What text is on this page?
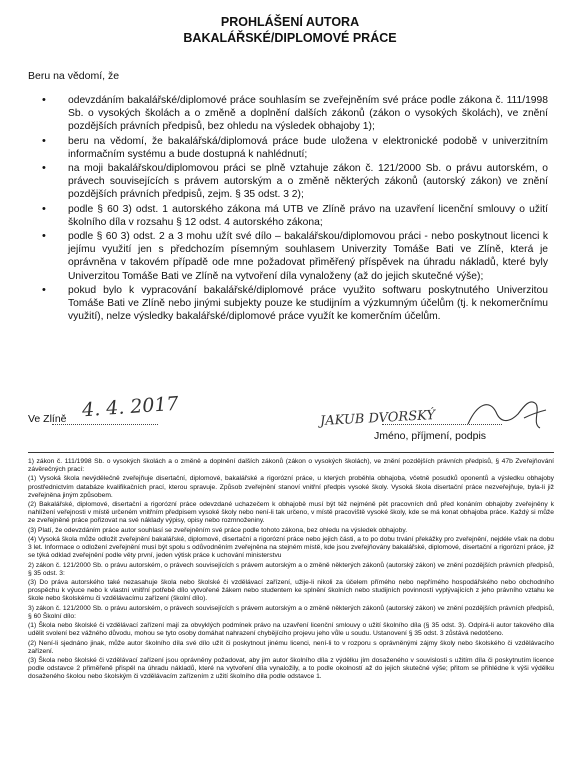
PROHLÁŠENÍ AUTORA
BAKALÁŘSKÉ/DIPLOMOVÉ PRÁCE
Beru na vědomí, že
• odevzdáním bakalářské/diplomové práce souhlasím se zveřejněním své práce podle zákona č. 111/1998 Sb. o vysokých školách a o změně a doplnění dalších zákonů (zákon o vysokých školách), ve znění pozdějších právních předpisů, bez ohledu na výsledek obhajoby 1);
• beru na vědomí, že bakalářská/diplomová práce bude uložena v elektronické podobě v univerzitním informačním systému a bude dostupná k nahlédnutí;
• na moji bakalářskou/diplomovou práci se plně vztahuje zákon č. 121/2000 Sb. o právu autorském, o právech souvisejících s právem autorským a o změně některých zákonů (autorský zákon) ve znění pozdějších právních předpisů, zejm. § 35 odst. 3 2);
• podle § 60 3) odst. 1 autorského zákona má UTB ve Zlíně právo na uzavření licenční smlouvy o užití školního díla v rozsahu § 12 odst. 4 autorského zákona;
• podle § 60 3) odst. 2 a 3 mohu užít své dílo – bakalářskou/diplomovou práci - nebo poskytnout licenci k jejímu využití jen s předchozím písemným souhlasem Univerzity Tomáše Bati ve Zlíně, která je oprávněna v takovém případě ode mne požadovat přiměřený příspěvek na úhradu nákladů, které byly Univerzitou Tomáše Bati ve Zlíně na vytvoření díla vynaloženy (až do jejich skutečné výše);
• pokud bylo k vypracování bakalářské/diplomové práce využito softwaru poskytnutého Univerzitou Tomáše Bati ve Zlíně nebo jinými subjekty pouze ke studijním a výzkumným účelům (tj. k nekomerčnímu využití), nelze výsledky bakalářské/diplomové práce využít ke komerčním účelům.
Ve Zlíně 4. 4. 2017	JAKUB DVORSKÝ
Jméno, příjmení, podpis

1) zákon č. 111/1998 Sb. o vysokých školách a o změně a doplnění dalších zákonů (zákon o vysokých školách), ve znění pozdějších právních předpisů, § 47b Zveřejňování závěrečných prací:

(1) Vysoká škola nevýdělečně zveřejňuje disertační, diplomové, bakalářské a rigorózní práce, u kterých proběhla obhajoba, včetně posudků oponentů a výsledku obhajoby prostřednictvím databáze kvalifikačních prací, kterou spravuje. Způsob zveřejnění stanoví vnitřní předpis vysoké školy. Vysoká škola disertační práce nezveřejňuje, byla-li již zveřejněna jiným způsobem.

(2) Bakalářské, diplomové, disertační a rigorózní práce odevzdané uchazečem k obhajobě musí být též nejméně pět pracovních dnů před konáním obhajoby zveřejněny k nahlížení veřejnosti v místě určeném vnitřním předpisem vysoké školy nebo není-li tak určeno, v místě pracoviště vysoké školy, kde se má konat obhajoba práce. Každý si může ze zveřejněné práce pořizovat na své náklady výpisy, opisy nebo rozmnoženiny.

(3) Platí, že odevzdáním práce autor souhlasí se zveřejněním své práce podle tohoto zákona, bez ohledu na výsledek obhajoby.

(4) Vysoká škola může odložit zveřejnění bakalářské, diplomové, disertační a rigorózní práce nebo jejich části, a to po dobu trvání překážky pro zveřejnění, nejdéle však na dobu 3 let. Informace o odložení zveřejnění musí být spolu s odůvodněním zveřejněna na stejném místě, kde jsou zveřejňovány bakalářské, diplomové, disertační a rigorózní práce, již se týká odklad zveřejnění podle věty první, jeden výtisk práce k uchování ministerstvu

2) zákon č. 121/2000 Sb. o právu autorském, o právech souvisejících s právem autorským a o změně některých zákonů (autorský zákon) ve znění pozdějších právních předpisů, § 35 odst. 3:

(3) Do práva autorského také nezasahuje škola nebo školské či vzdělávací zařízení, užije-li nikoli za účelem přímého nebo nepřímého hospodářského nebo obchodního prospěchu k výuce nebo k vlastní vnitřní potřebě dílo vytvořené žákem nebo studentem ke splnění školních nebo studijních povinností vyplývajících z jeho právního vztahu ke škole nebo školskému či vzdělávacímu zařízení (školní dílo).

3) zákon č. 121/2000 Sb. o právu autorském, o právech souvisejících s právem autorským a o změně některých zákonů (autorský zákon) ve znění pozdějších právních předpisů, § 60 Školní dílo:

(1) Škola nebo školské či vzdělávací zařízení mají za obvyklých podmínek právo na uzavření licenční smlouvy o užití školního díla (§ 35 odst. 3). Odpírá-li autor takového díla udělit svolení bez vážného důvodu, mohou se tyto osoby domáhat nahrazení chybějícího projevu jeho vůle u soudu. Ustanovení § 35 odst. 3 zůstává nedotčeno.

(2) Není-li sjednáno jinak, může autor školního díla své dílo užít či poskytnout jinému licenci, není-li to v rozporu s oprávněnými zájmy školy nebo školského či vzdělávacího zařízení.

(3) Škola nebo školské či vzdělávací zařízení jsou oprávněny požadovat, aby jim autor školního díla z výdělku jím dosaženého v souvislosti s užitím díla či poskytnutím licence podle odstavce 2 přiměřeně přispěl na úhradu nákladů, které na vytvoření díla vynaložily, a to podle okolností až do jejich skutečné výše; přitom se přihlédne k výši výdělku dosaženého školou nebo školským či vzdělávacím zařízením z užití školního díla podle odstavce 1.
